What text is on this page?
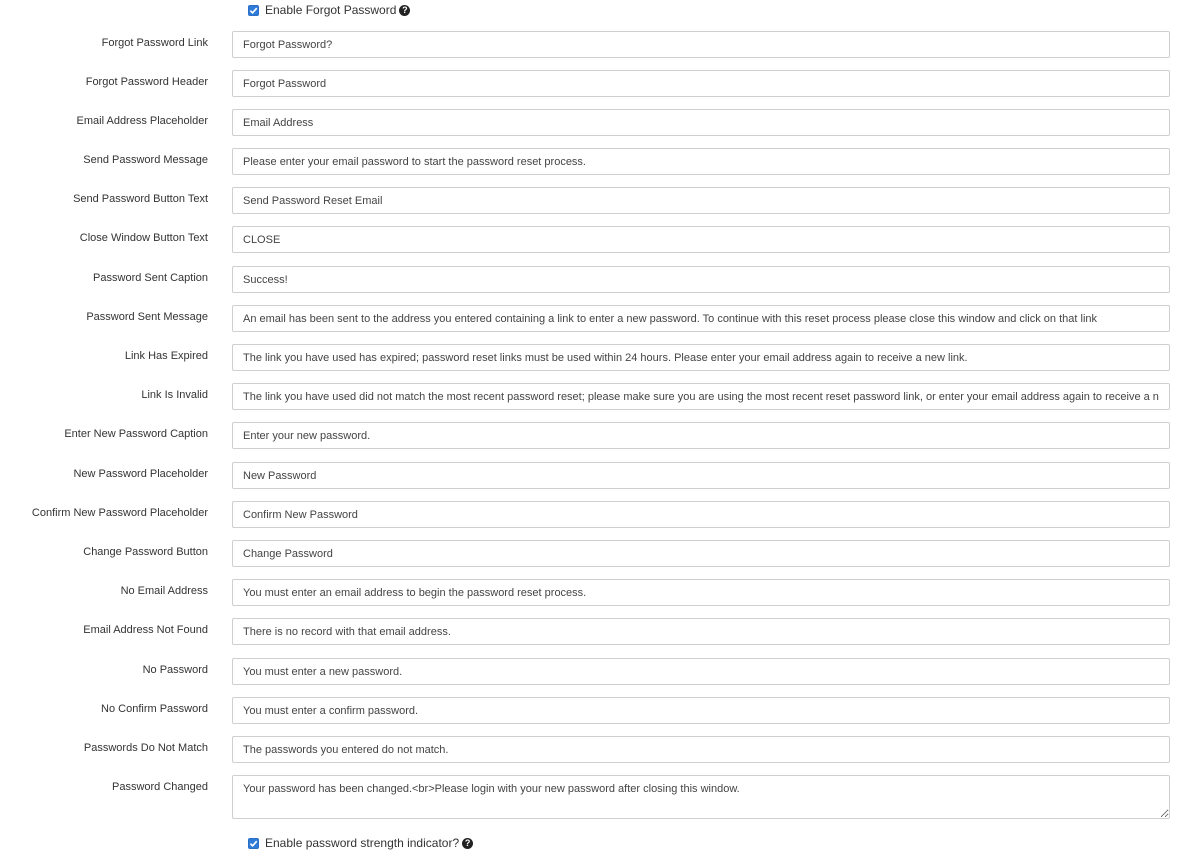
Enable Forgot Password ?
Forgot Password Link
Forgot Password?
Forgot Password Header
Forgot Password
Email Address Placeholder
Email Address
Send Password Message
Please enter your email password to start the password reset process.
Send Password Button Text
Send Password Reset Email
Close Window Button Text
CLOSE
Password Sent Caption
Success!
Password Sent Message
An email has been sent to the address you entered containing a link to enter a new password. To continue with this reset process please close this window and click on that link
Link Has Expired
The link you have used has expired; password reset links must be used within 24 hours. Please enter your email address again to receive a new link.
Link Is Invalid
The link you have used did not match the most recent password reset; please make sure you are using the most recent reset password link, or enter your email address again to receive a new l
Enter New Password Caption
Enter your new password.
New Password Placeholder
New Password
Confirm New Password Placeholder
Confirm New Password
Change Password Button
Change Password
No Email Address
You must enter an email address to begin the password reset process.
Email Address Not Found
There is no record with that email address.
No Password
You must enter a new password.
No Confirm Password
You must enter a confirm password.
Passwords Do Not Match
The passwords you entered do not match.
Password Changed
Your password has been changed.<br>Please login with your new password after closing this window.
Enable password strength indicator? ?
